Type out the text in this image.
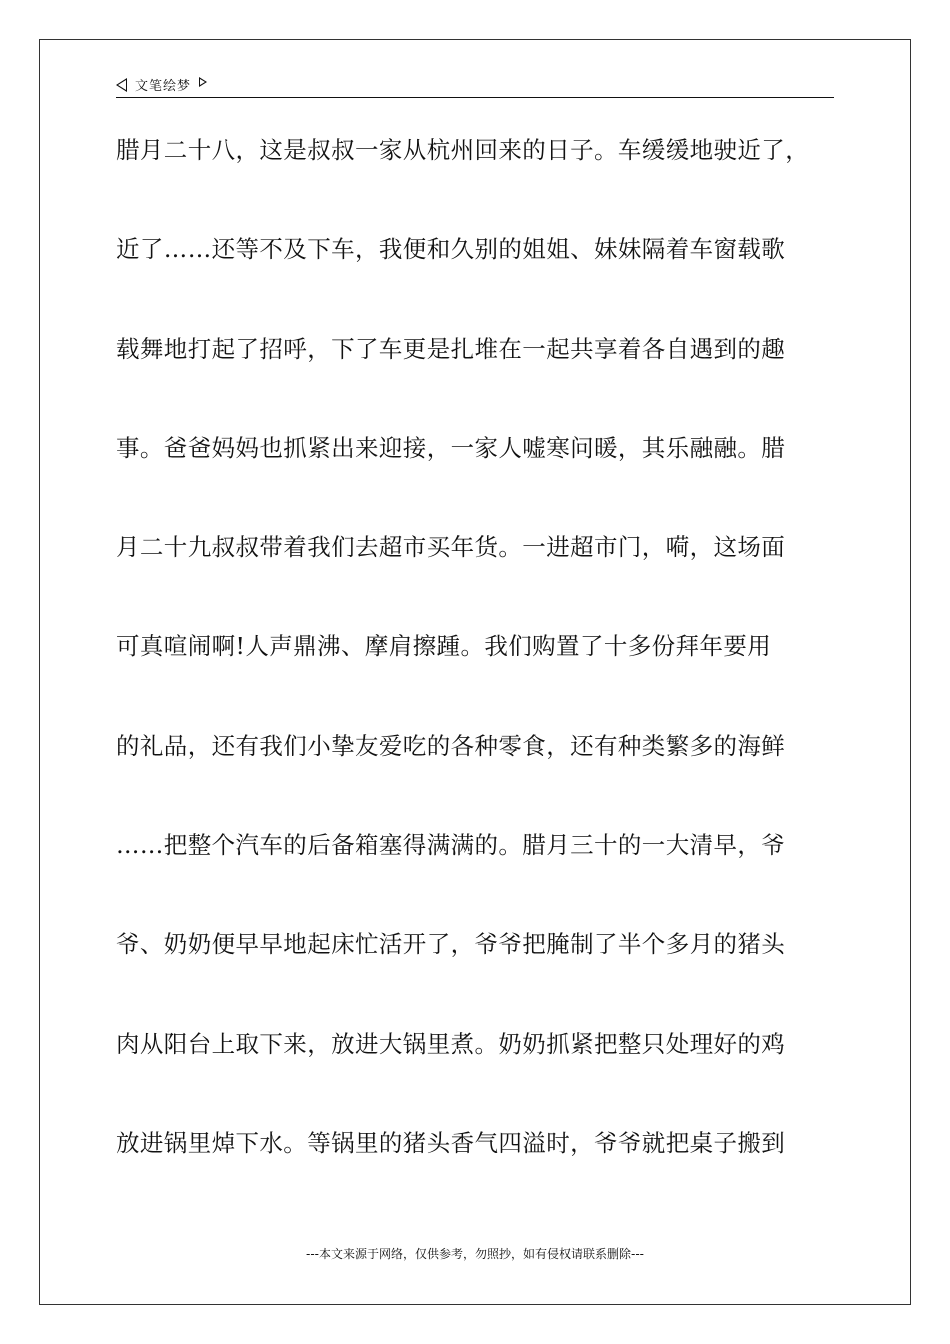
文笔绘梦
腊月二十八，这是叔叔一家从杭州回来的日子。车缓缓地驶近了，
近了……还等不及下车，我便和久别的姐姐、妹妹隔着车窗载歌
载舞地打起了招呼，下了车更是扎堆在一起共享着各自遇到的趣
事。爸爸妈妈也抓紧出来迎接，一家人嘘寒问暖，其乐融融。腊
月二十九叔叔带着我们去超市买年货。一进超市门，嗬，这场面
可真喧闹啊!人声鼎沸、摩肩擦踵。我们购置了十多份拜年要用
的礼品，还有我们小挚友爱吃的各种零食，还有种类繁多的海鲜
……把整个汽车的后备箱塞得满满的。腊月三十的一大清早，爷
爷、奶奶便早早地起床忙活开了，爷爷把腌制了半个多月的猪头
肉从阳台上取下来，放进大锅里煮。奶奶抓紧把整只处理好的鸡
放进锅里焯下水。等锅里的猪头香气四溢时，爷爷就把桌子搬到
---本文来源于网络，仅供参考，勿照抄，如有侵权请联系删除---
